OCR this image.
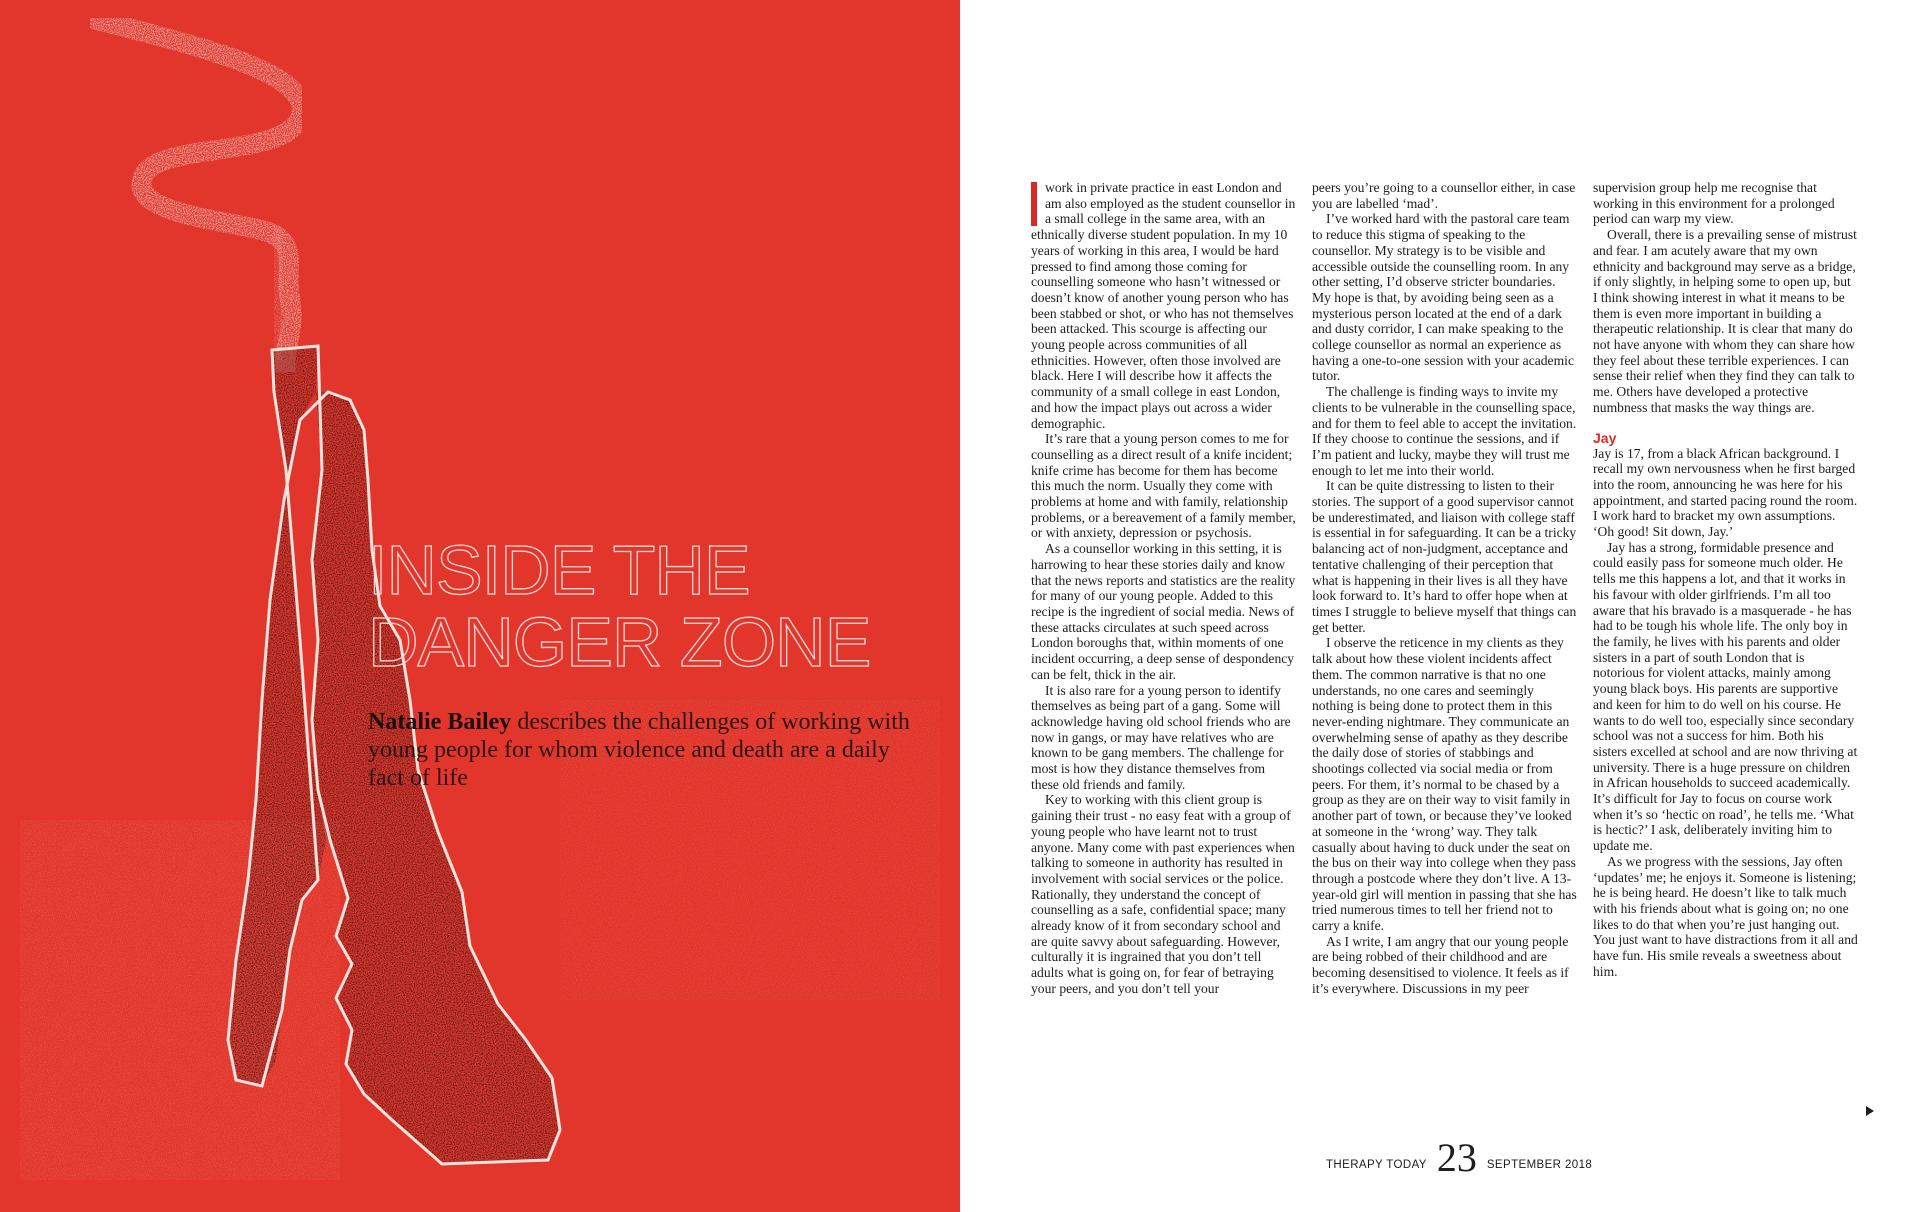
INSIDE THE DANGER ZONE
Natalie Bailey describes the challenges of working with young people for whom violence and death are a daily fact of life

work in private practice in east London and am also employed as the student counsellor in a small college in the same area, with an ethnically diverse student population. In my 10 years of working in this area, I would be hard pressed to find among those coming for counselling someone who hasn’t witnessed or doesn’t know of another young person who has been stabbed or shot, or who has not themselves been attacked. This scourge is affecting our young people across communities of all ethnicities. However, often those involved are black. Here I will describe how it affects the community of a small college in east London, and how the impact plays out across a wider demographic.

It’s rare that a young person comes to me for counselling as a direct result of a knife incident; knife crime has become for them has become this much the norm. Usually they come with problems at home and with family, relationship problems, or a bereavement of a family member, or with anxiety, depression or psychosis.

As a counsellor working in this setting, it is harrowing to hear these stories daily and know that the news reports and statistics are the reality for many of our young people. Added to this recipe is the ingredient of social media. News of these attacks circulates at such speed across London boroughs that, within moments of one incident occurring, a deep sense of despondency can be felt, thick in the air.

It is also rare for a young person to identify themselves as being part of a gang. Some will acknowledge having old school friends who are now in gangs, or may have relatives who are known to be gang members. The challenge for most is how they distance themselves from these old friends and family.

Key to working with this client group is gaining their trust - no easy feat with a group of young people who have learnt not to trust anyone. Many come with past experiences when talking to someone in authority has resulted in involvement with social services or the police. Rationally, they understand the concept of counselling as a safe, confidential space; many already know of it from secondary school and are quite savvy about safeguarding. However, culturally it is ingrained that you don’t tell adults what is going on, for fear of betraying your peers, and you don’t tell your

peers you’re going to a counsellor either, in case you are labelled ‘mad’.

I’ve worked hard with the pastoral care team to reduce this stigma of speaking to the counsellor. My strategy is to be visible and accessible outside the counselling room. In any other setting, I’d observe stricter boundaries. My hope is that, by avoiding being seen as a mysterious person located at the end of a dark and dusty corridor, I can make speaking to the college counsellor as normal an experience as having a one-to-one session with your academic tutor.

The challenge is finding ways to invite my clients to be vulnerable in the counselling space, and for them to feel able to accept the invitation. If they choose to continue the sessions, and if I’m patient and lucky, maybe they will trust me enough to let me into their world.

It can be quite distressing to listen to their stories. The support of a good supervisor cannot be underestimated, and liaison with college staff is essential in for safeguarding. It can be a tricky balancing act of non-judgment, acceptance and tentative challenging of their perception that what is happening in their lives is all they have look forward to. It’s hard to offer hope when at times I struggle to believe myself that things can get better.

I observe the reticence in my clients as they talk about how these violent incidents affect them. The common narrative is that no one understands, no one cares and seemingly nothing is being done to protect them in this never-ending nightmare. They communicate an overwhelming sense of apathy as they describe the daily dose of stories of stabbings and shootings collected via social media or from peers. For them, it’s normal to be chased by a group as they are on their way to visit family in another part of town, or because they’ve looked at someone in the ‘wrong’ way. They talk casually about having to duck under the seat on the bus on their way into college when they pass through a postcode where they don’t live. A 13-year-old girl will mention in passing that she has tried numerous times to tell her friend not to carry a knife.

As I write, I am angry that our young people are being robbed of their childhood and are becoming desensitised to violence. It feels as if it’s everywhere. Discussions in my peer

supervision group help me recognise that working in this environment for a prolonged period can warp my view.

Overall, there is a prevailing sense of mistrust and fear. I am acutely aware that my own ethnicity and background may serve as a bridge, if only slightly, in helping some to open up, but I think showing interest in what it means to be them is even more important in building a therapeutic relationship. It is clear that many do not have anyone with whom they can share how they feel about these terrible experiences. I can sense their relief when they find they can talk to me. Others have developed a protective numbness that masks the way things are.

Jay

Jay is 17, from a black African background. I recall my own nervousness when he first barged into the room, announcing he was here for his appointment, and started pacing round the room. I work hard to bracket my own assumptions. ‘Oh good! Sit down, Jay.’

Jay has a strong, formidable presence and could easily pass for someone much older. He tells me this happens a lot, and that it works in his favour with older girlfriends. I’m all too aware that his bravado is a masquerade - he has had to be tough his whole life. The only boy in the family, he lives with his parents and older sisters in a part of south London that is notorious for violent attacks, mainly among young black boys. His parents are supportive and keen for him to do well on his course. He wants to do well too, especially since secondary school was not a success for him. Both his sisters excelled at school and are now thriving at university. There is a huge pressure on children in African households to succeed academically. It’s difficult for Jay to focus on course work when it’s so ‘hectic on road’, he tells me. ‘What is hectic?’ I ask, deliberately inviting him to update me.

As we progress with the sessions, Jay often ‘updates’ me; he enjoys it. Someone is listening; he is being heard. He doesn’t like to talk much with his friends about what is going on; no one likes to do that when you’re just hanging out. You just want to have distractions from it all and have fun. His smile reveals a sweetness about him.

THERAPY TODAY 23 SEPTEMBER 2018
